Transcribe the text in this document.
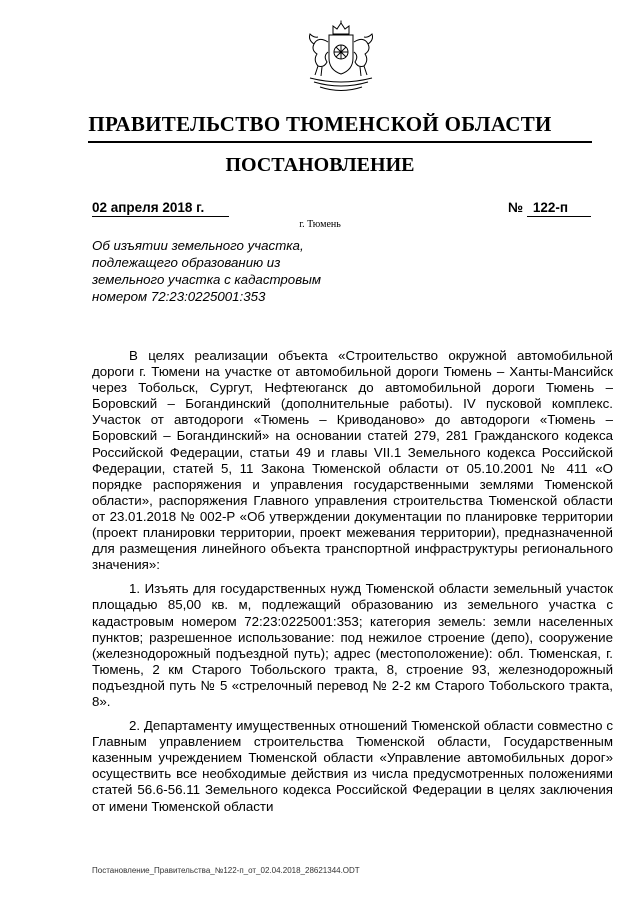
ПРАВИТЕЛЬСТВО ТЮМЕНСКОЙ ОБЛАСТИ
ПОСТАНОВЛЕНИЕ
02 апреля 2018 г.	№ 122-п
г. Тюмень
Об изъятии земельного участка,
подлежащего образованию из
земельного участка с кадастровым
номером 72:23:0225001:353

В целях реализации объекта «Строительство окружной автомобильной дороги г. Тюмени на участке от автомобильной дороги Тюмень – Ханты-Мансийск через Тобольск, Сургут, Нефтеюганск до автомобильной дороги Тюмень – Боровский – Богандинский (дополнительные работы). IV пусковой комплекс. Участок от автодороги «Тюмень – Криводаново» до автодороги «Тюмень – Боровский – Богандинский» на основании статей 279, 281 Гражданского кодекса Российской Федерации, статьи 49 и главы VII.1 Земельного кодекса Российской Федерации, статей 5, 11 Закона Тюменской области от 05.10.2001 № 411 «О порядке распоряжения и управления государственными землями Тюменской области», распоряжения Главного управления строительства Тюменской области от 23.01.2018 № 002-Р «Об утверждении документации по планировке территории (проект планировки территории, проект межевания территории), предназначенной для размещения линейного объекта транспортной инфраструктуры регионального значения»:

1. Изъять для государственных нужд Тюменской области земельный участок площадью 85,00 кв. м, подлежащий образованию из земельного участка с кадастровым номером 72:23:0225001:353; категория земель: земли населенных пунктов; разрешенное использование: под нежилое строение (депо), сооружение (железнодорожный подъездной путь); адрес (местоположение): обл. Тюменская, г. Тюмень, 2 км Старого Тобольского тракта, 8, строение 93, железнодорожный подъездной путь № 5 «стрелочный перевод № 2-2 км Старого Тобольского тракта, 8».

2. Департаменту имущественных отношений Тюменской области совместно с Главным управлением строительства Тюменской области, Государственным казенным учреждением Тюменской области «Управление автомобильных дорог» осуществить все необходимые действия из числа предусмотренных положениями статей 56.6-56.11 Земельного кодекса Российской Федерации в целях заключения от имени Тюменской области

Постановление_Правительства_№122-п_от_02.04.2018_28621344.ODT
